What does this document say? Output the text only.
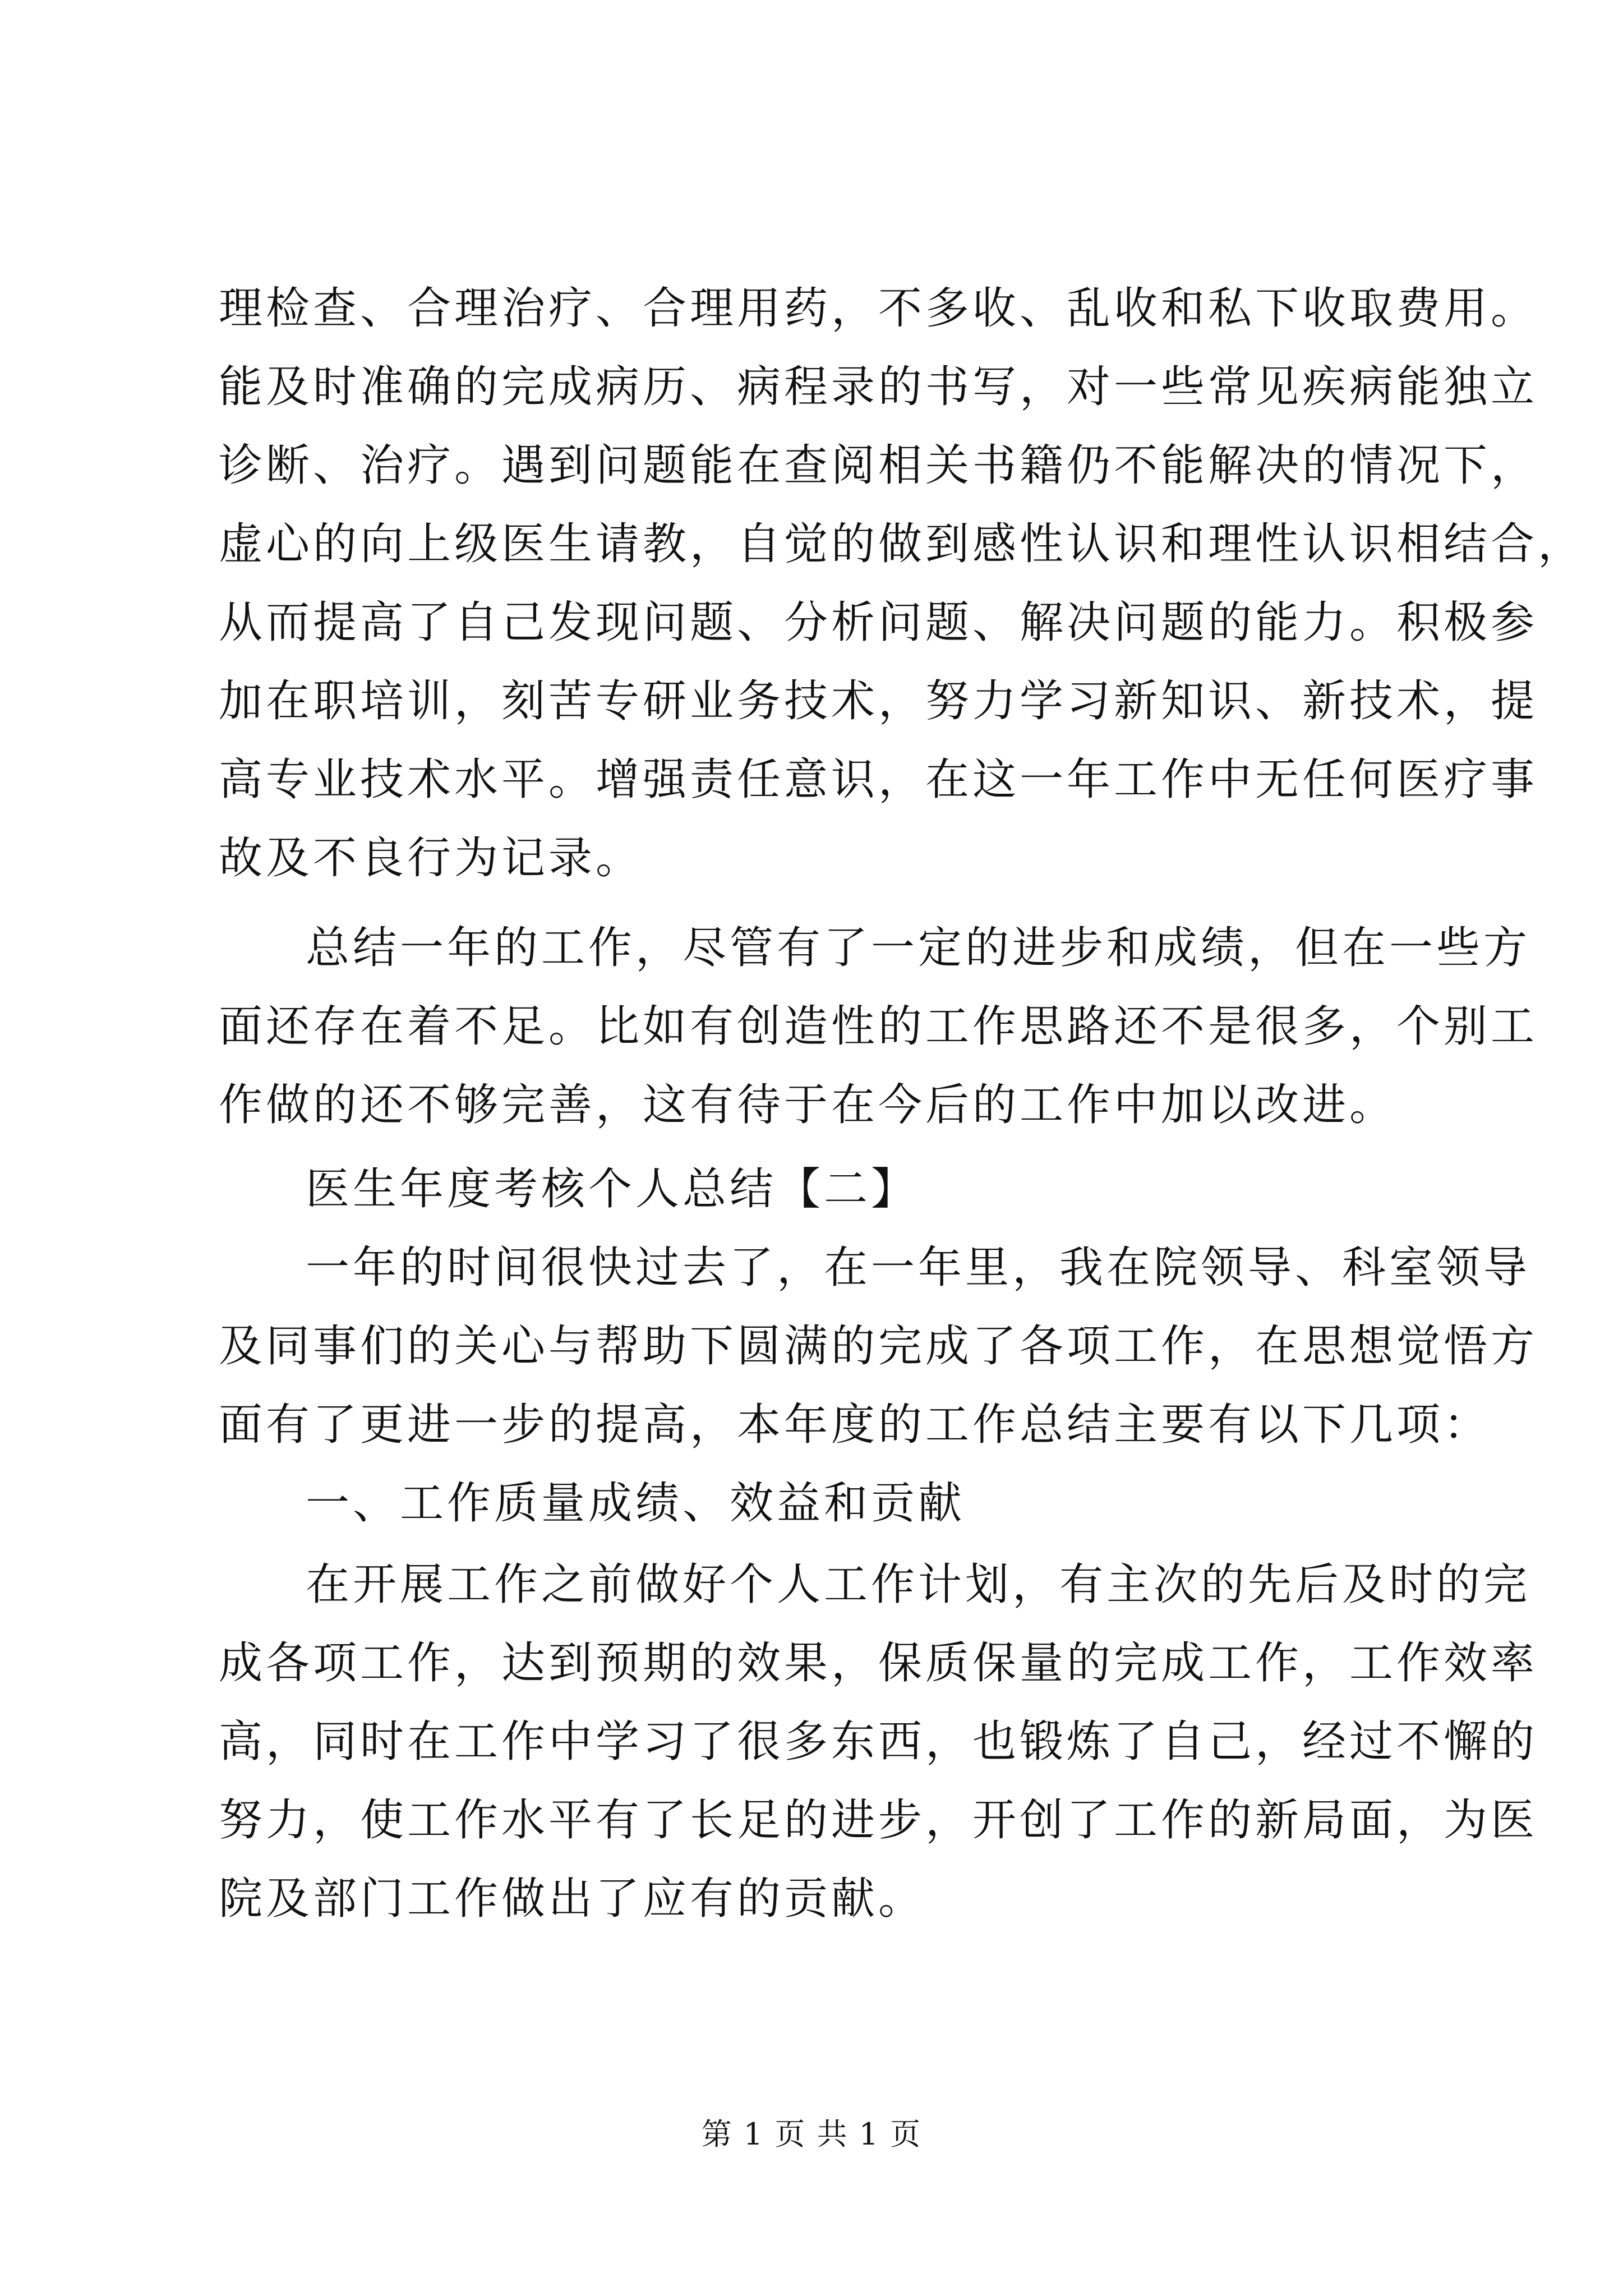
理检查、合理治疗、合理用药，不多收、乱收和私下收取费用。
能及时准确的完成病历、病程录的书写，对一些常见疾病能独立
诊断、治疗。遇到问题能在查阅相关书籍仍不能解决的情况下，
虚心的向上级医生请教，自觉的做到感性认识和理性认识相结合，
从而提高了自己发现问题、分析问题、解决问题的能力。积极参
加在职培训，刻苦专研业务技术，努力学习新知识、新技术，提
高专业技术水平。增强责任意识，在这一年工作中无任何医疗事
故及不良行为记录。
总结一年的工作，尽管有了一定的进步和成绩，但在一些方
面还存在着不足。比如有创造性的工作思路还不是很多，个别工
作做的还不够完善，这有待于在今后的工作中加以改进。
医生年度考核个人总结【二】
一年的时间很快过去了，在一年里，我在院领导、科室领导
及同事们的关心与帮助下圆满的完成了各项工作，在思想觉悟方
面有了更进一步的提高，本年度的工作总结主要有以下几项：
一、工作质量成绩、效益和贡献
在开展工作之前做好个人工作计划，有主次的先后及时的完
成各项工作，达到预期的效果，保质保量的完成工作，工作效率
高，同时在工作中学习了很多东西，也锻炼了自己，经过不懈的
努力，使工作水平有了长足的进步，开创了工作的新局面，为医
院及部门工作做出了应有的贡献。
第 1 页 共 1 页
